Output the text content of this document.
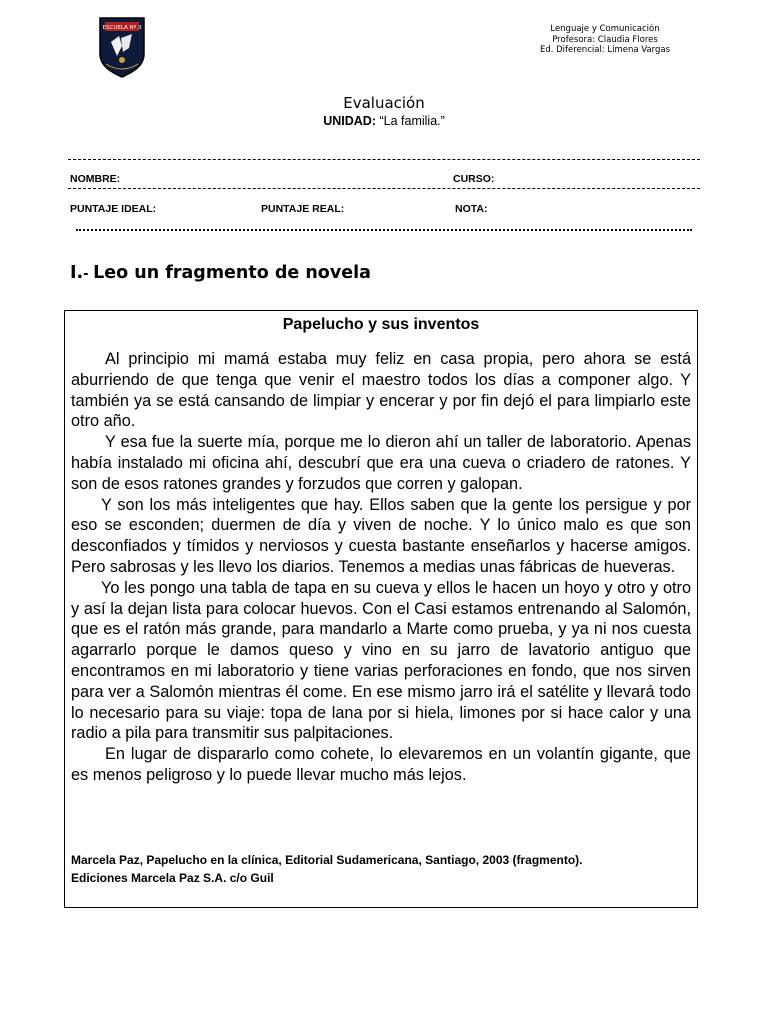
ESCUELA Nº 3	Lenguaje y Comunicación
Profesora: Claudia Flores
Ed. Diferencial: Limena Vargas
Evaluación
UNIDAD: “La familia.”
NOMBRE:	CURSO:
PUNTAJE IDEAL:	PUNTAJE REAL:	NOTA:
I.- Leo un fragmento de novela
Papelucho y sus inventos

Al principio mi mamá estaba muy feliz en casa propia, pero ahora se está aburriendo de que tenga que venir el maestro todos los días a componer algo. Y también ya se está cansando de limpiar y encerar y por fin dejó el para limpiarlo este otro año.

Y esa fue la suerte mía, porque me lo dieron ahí un taller de laboratorio. Apenas había instalado mi oficina ahí, descubrí que era una cueva o criadero de ratones. Y son de esos ratones grandes y forzudos que corren y galopan.

Y son los más inteligentes que hay. Ellos saben que la gente los persigue y por eso se esconden; duermen de día y viven de noche. Y lo único malo es que son desconfiados y tímidos y nerviosos y cuesta bastante enseñarlos y hacerse amigos. Pero sabrosas y les llevo los diarios. Tenemos a medias unas fábricas de hueveras.

Yo les pongo una tabla de tapa en su cueva y ellos le hacen un hoyo y otro y otro y así la dejan lista para colocar huevos. Con el Casi estamos entrenando al Salomón, que es el ratón más grande, para mandarlo a Marte como prueba, y ya ni nos cuesta agarrarlo porque le damos queso y vino en su jarro de lavatorio antiguo que encontramos en mi laboratorio y tiene varias perforaciones en fondo, que nos sirven para ver a Salomón mientras él come. En ese mismo jarro irá el satélite y llevará todo lo necesario para su viaje: topa de lana por si hiela, limones por si hace calor y una radio a pila para transmitir sus palpitaciones.

En lugar de dispararlo como cohete, lo elevaremos en un volantín gigante, que es menos peligroso y lo puede llevar mucho más lejos.

Marcela Paz, Papelucho en la clínica, Editorial Sudamericana, Santiago, 2003 (fragmento).
Ediciones Marcela Paz S.A. c/o Guil
